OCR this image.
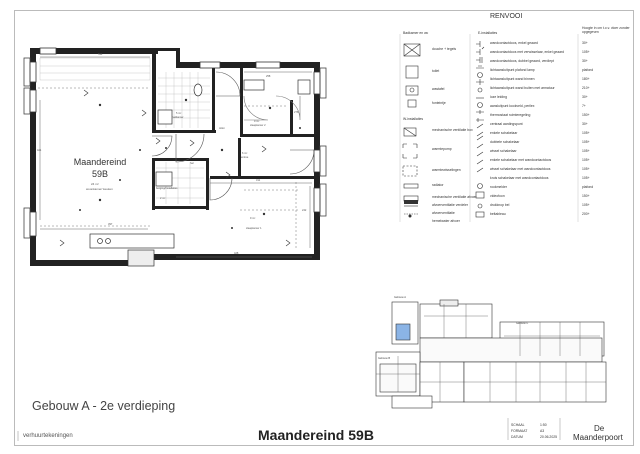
Maandereind
59B
24 m²
woonkamer/ keuken
9 m²
slaapkamer 2
9 m²
slaapkamer 1
5 m²
badkamer
6 m²
entree
toilet
2 m²
berging/installaties
hal
594
258
311
397
428
421
242
276
RENVOOI
Badkamer en wc	E-installaties
Hoogte in cm t.o.v. vloer zonder opgegeven
W-installaties
douche + tegels
toilet
wastafel
fonteintje
mechanische ventilatie box
warmtepomp
warmtewisselingen
radiator
mechanische ventilatie afvoer
afvoerventilatie verdeler
afvoerventilatie
hemelwater afvoer
wandcontactdoos, enkel geaard	30+
wandcontactdoos met verwisselaar, enkel geaard	105+
wandcontactdoos, dubbel geaard, verdiept	30+
lichtaansluitpunt plafond lamp	plafond
lichtaansluitpunt wand binnen	180+
lichtaansluitpunt wand buiten met armatuur	210+
loze leiding	30+
aansluitpunt kookveld, perilex	7+
thermostaat ruimteregeling	150+
centraal aardingspunt	30+
enkele schakelaar	105+
dubbele schakelaar	105+
wissel schakelaar	105+
enkele schakelaar met wandcontactdoos	105+
wissel schakelaar met wandcontactdoos	105+
kruis schakelaar met wandcontactdoos	105+
rookmelder	plafond
videofoon	150+
drukknop bel	105+
beltableau	200+
Gebouw A
Gebouw B
Gebouw C
Gebouw A - 2e verdieping
verhuurtekeningen	Maandereind 59B
SCHAAL	1:50
FORMAAT	A3
DATUM	20.06.2025
De
Maanderpoort
